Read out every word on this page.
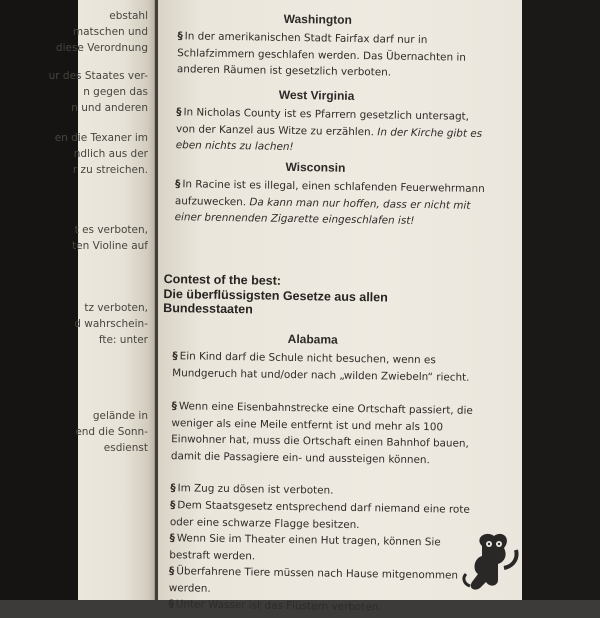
ebstahl
matschen und
diese Verordnung
ur des Staates ver-
n gegen das
n und anderen
en die Texaner im
ndlich aus der
r zu streichen.
t es verboten,
ten Violine auf
tz verboten,
d wahrschein-
fte: unter
gelände in
end die Sonn-
esdienst
Washington
§ In der amerikanischen Stadt Fairfax darf nur in Schlafzimmern geschlafen werden. Das Übernachten in anderen Räumen ist gesetzlich verboten.
West Virginia
§ In Nicholas County ist es Pfarrern gesetzlich untersagt, von der Kanzel aus Witze zu erzählen. In der Kirche gibt es eben nichts zu lachen!
Wisconsin
§ In Racine ist es illegal, einen schlafenden Feuerwehrmann aufzuwecken. Da kann man nur hoffen, dass er nicht mit einer brennenden Zigarette eingeschlafen ist!
Contest of the best:
Die überflüssigsten Gesetze aus allen
Bundesstaaten
Alabama
§ Ein Kind darf die Schule nicht besuchen, wenn es Mundgeruch hat und/oder nach „wilden Zwiebeln“ riecht.
§ Wenn eine Eisenbahnstrecke eine Ortschaft passiert, die weniger als eine Meile entfernt ist und mehr als 100 Einwohner hat, muss die Ortschaft einen Bahnhof bauen, damit die Passagiere ein- und aussteigen können.
§ Im Zug zu dösen ist verboten.
§ Dem Staatsgesetz entsprechend darf niemand eine rote oder eine schwarze Flagge besitzen.
§ Wenn Sie im Theater einen Hut tragen, können Sie bestraft werden.
§ Überfahrene Tiere müssen nach Hause mitgenommen werden.
§ Unter Wasser ist das Flüstern verboten.
